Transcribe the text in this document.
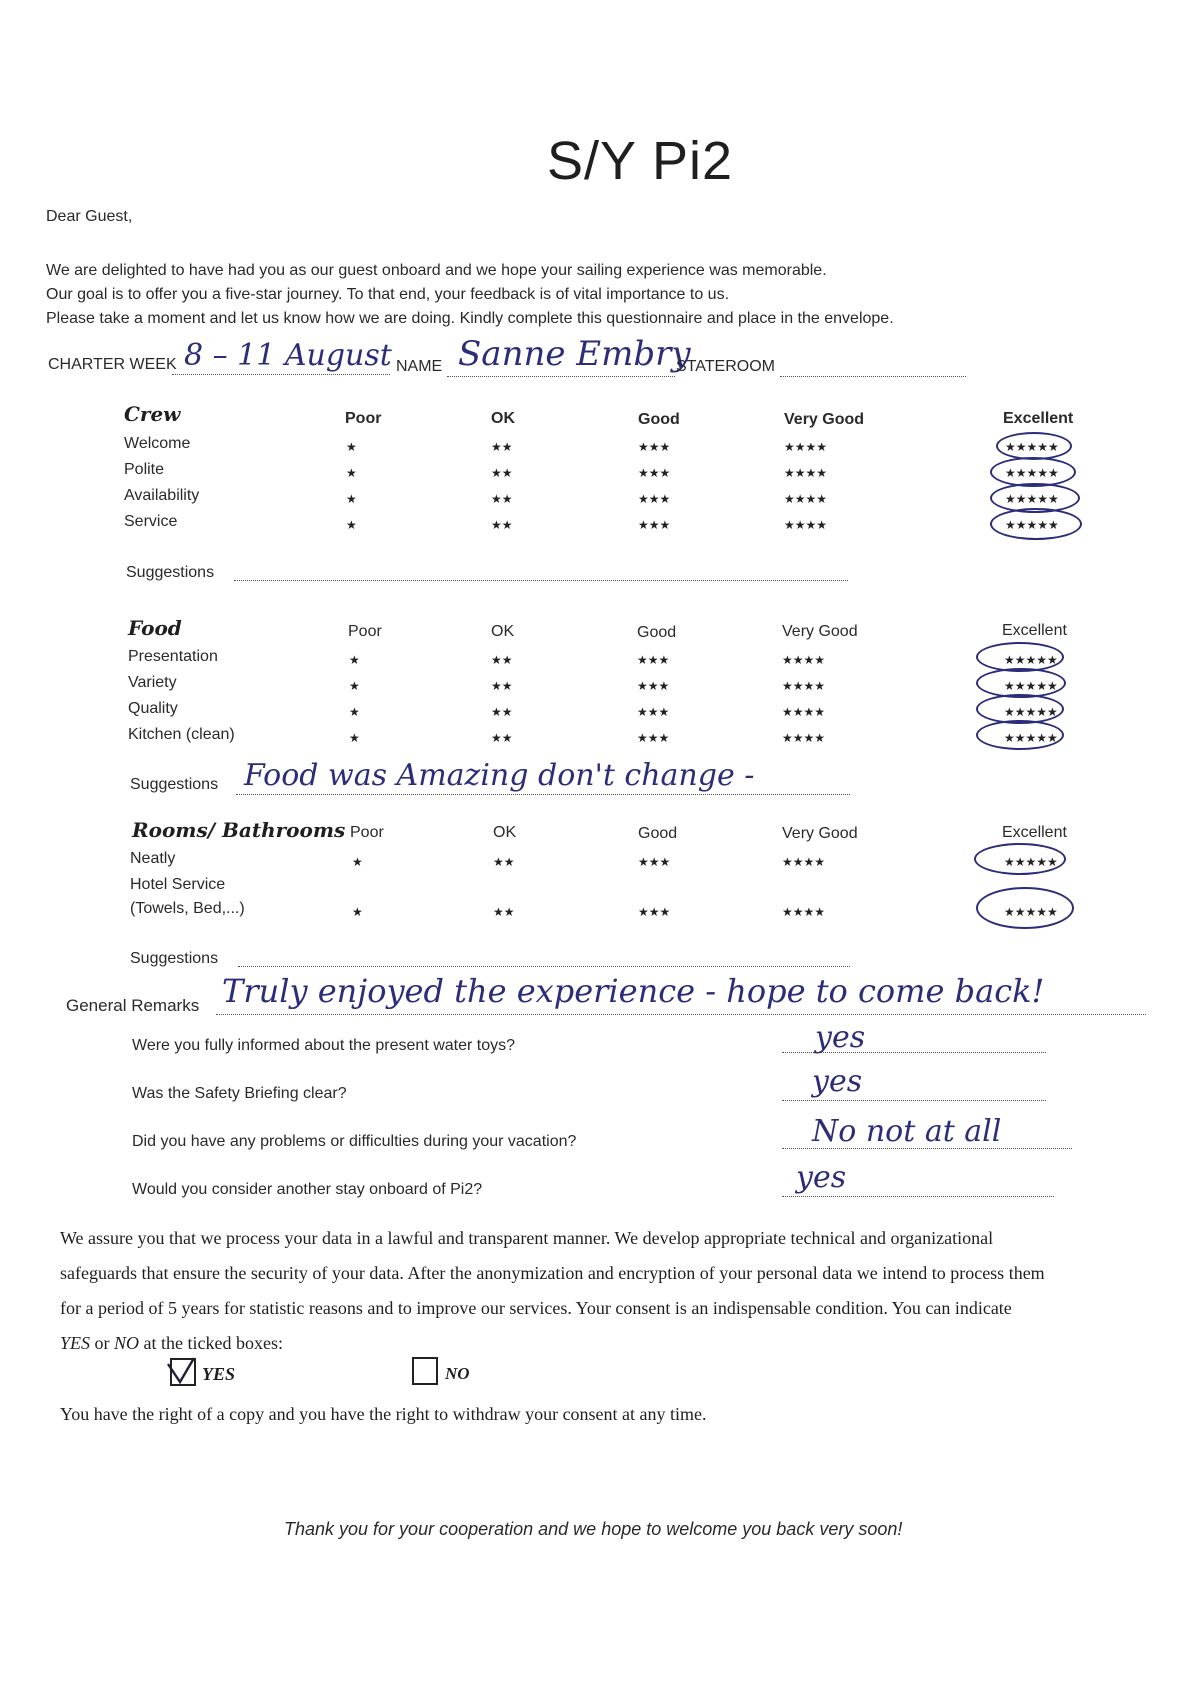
S/Y Pi2
Dear Guest,
We are delighted to have had you as our guest onboard and we hope your sailing experience was memorable.
Our goal is to offer you a five-star journey. To that end, your feedback is of vital importance to us.
Please take a moment and let us know how we are doing. Kindly complete this questionnaire and place in the envelope.
CHARTER WEEK 8 – 11 August NAME Sanne Embry
STATEROOM
Crew	Poor	OK	Good	Very Good	Excellent
Welcome	★	★★	★★★	★★★★	★★★★★
Polite	★	★★	★★★	★★★★	★★★★★
Availability	★	★★	★★★	★★★★	★★★★★
Service	★	★★	★★★	★★★★	★★★★★
Suggestions
Food	Poor	OK	Good	Very Good	Excellent
Presentation	★	★★	★★★	★★★★	★★★★★
Variety	★	★★	★★★	★★★★	★★★★★
Quality	★	★★	★★★	★★★★	★★★★★
Kitchen (clean)	★	★★	★★★	★★★★	★★★★★
Suggestions Food was Amazing don't change -
Rooms/ Bathrooms Poor	OK	Good	Very Good	Excellent
Neatly	★	★★	★★★	★★★★	★★★★★
Hotel Service
(Towels, Bed,...)	★	★★	★★★	★★★★	★★★★★
Suggestions
General Remarks Truly enjoyed the experience - hope to come back!
Were you fully informed about the present water toys?	yes
Was the Safety Briefing clear?	yes
Did you have any problems or difficulties during your vacation?	No not at all
Would you consider another stay onboard of Pi2?	yes
We assure you that we process your data in a lawful and transparent manner. We develop appropriate technical and organizational
safeguards that ensure the security of your data. After the anonymization and encryption of your personal data we intend to process them
for a period of 5 years for statistic reasons and to improve our services. Your consent is an indispensable condition. You can indicate
YES or NO at the ticked boxes:
YES	NO
You have the right of a copy and you have the right to withdraw your consent at any time.
Thank you for your cooperation and we hope to welcome you back very soon!
